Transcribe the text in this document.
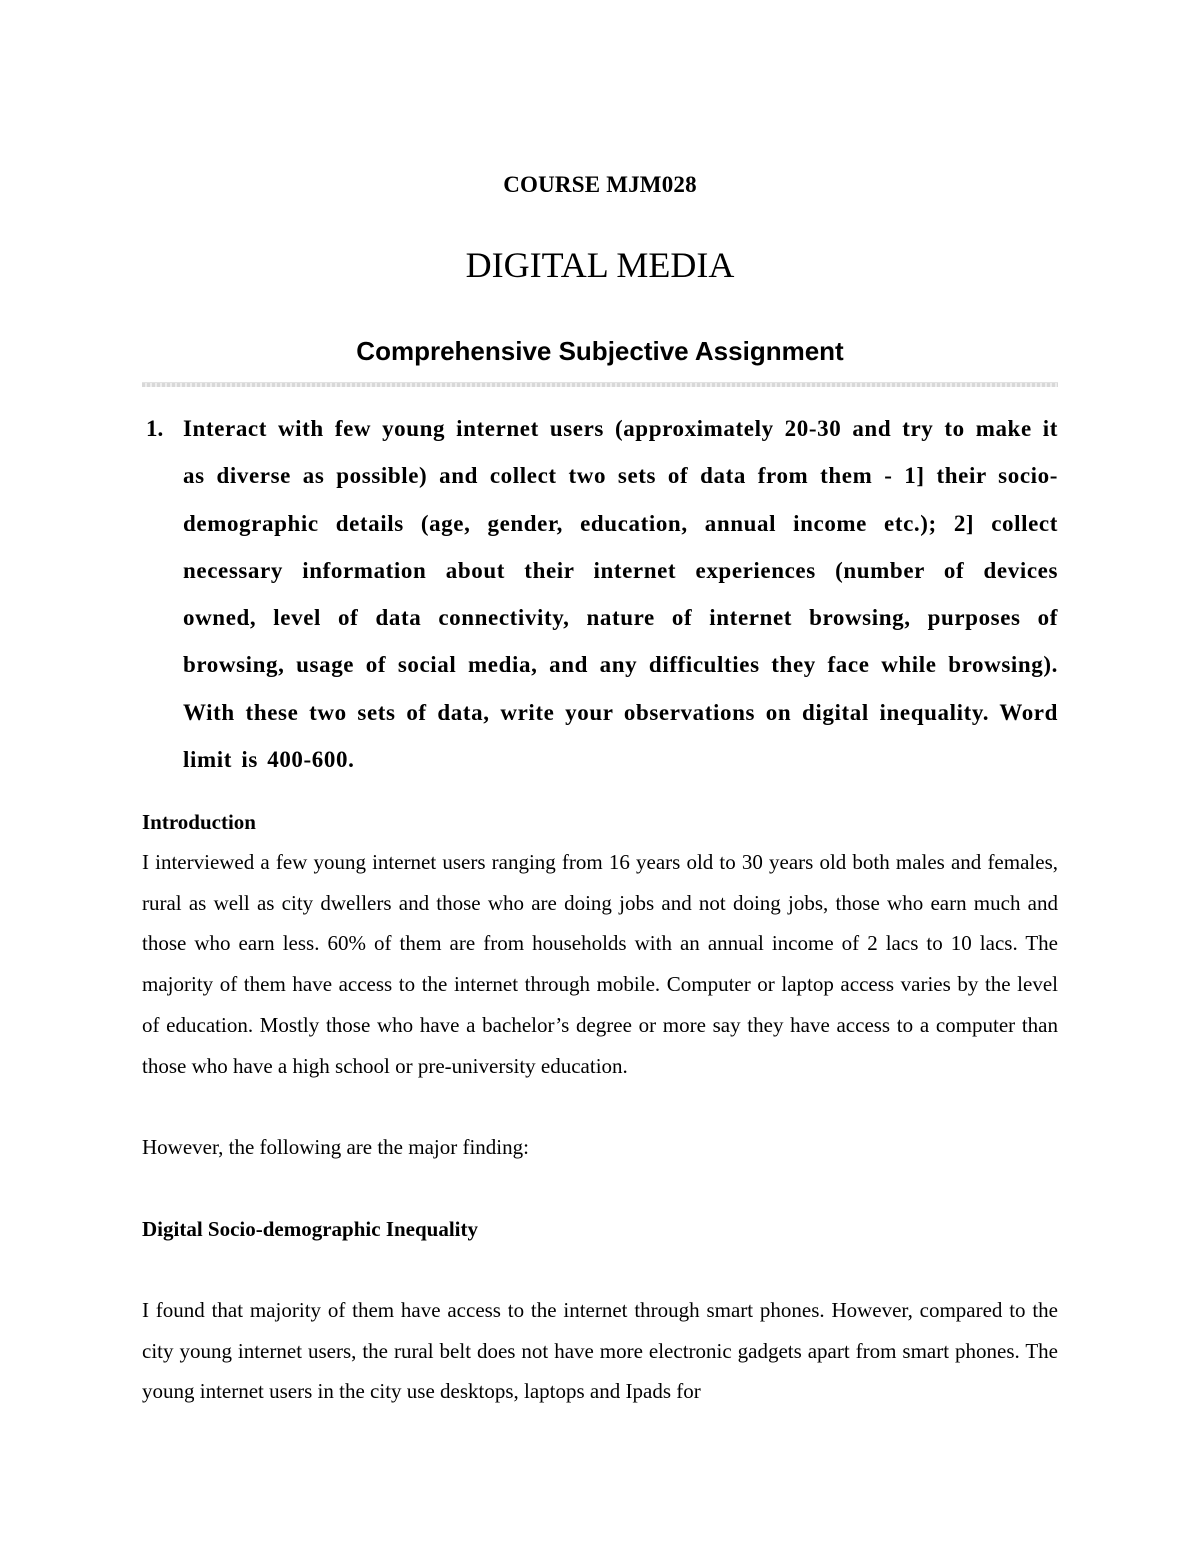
COURSE MJM028
DIGITAL MEDIA
Comprehensive Subjective Assignment
1. Interact with few young internet users (approximately 20-30 and try to make it as diverse as possible) and collect two sets of data from them - 1] their socio-demographic details (age, gender, education, annual income etc.); 2] collect necessary information about their internet experiences (number of devices owned, level of data connectivity, nature of internet browsing, purposes of browsing, usage of social media, and any difficulties they face while browsing). With these two sets of data, write your observations on digital inequality. Word limit is 400-600.
Introduction
I interviewed a few young internet users ranging from 16 years old to 30 years old both males and females, rural as well as city dwellers and those who are doing jobs and not doing jobs, those who earn much and those who earn less. 60% of them are from households with an annual income of 2 lacs to 10 lacs. The majority of them have access to the internet through mobile. Computer or laptop access varies by the level of education. Mostly those who have a bachelor’s degree or more say they have access to a computer than those who have a high school or pre-university education.
However, the following are the major finding:
Digital Socio-demographic Inequality
I found that majority of them have access to the internet through smart phones. However, compared to the city young internet users, the rural belt does not have more electronic gadgets apart from smart phones. The young internet users in the city use desktops, laptops and Ipads for
